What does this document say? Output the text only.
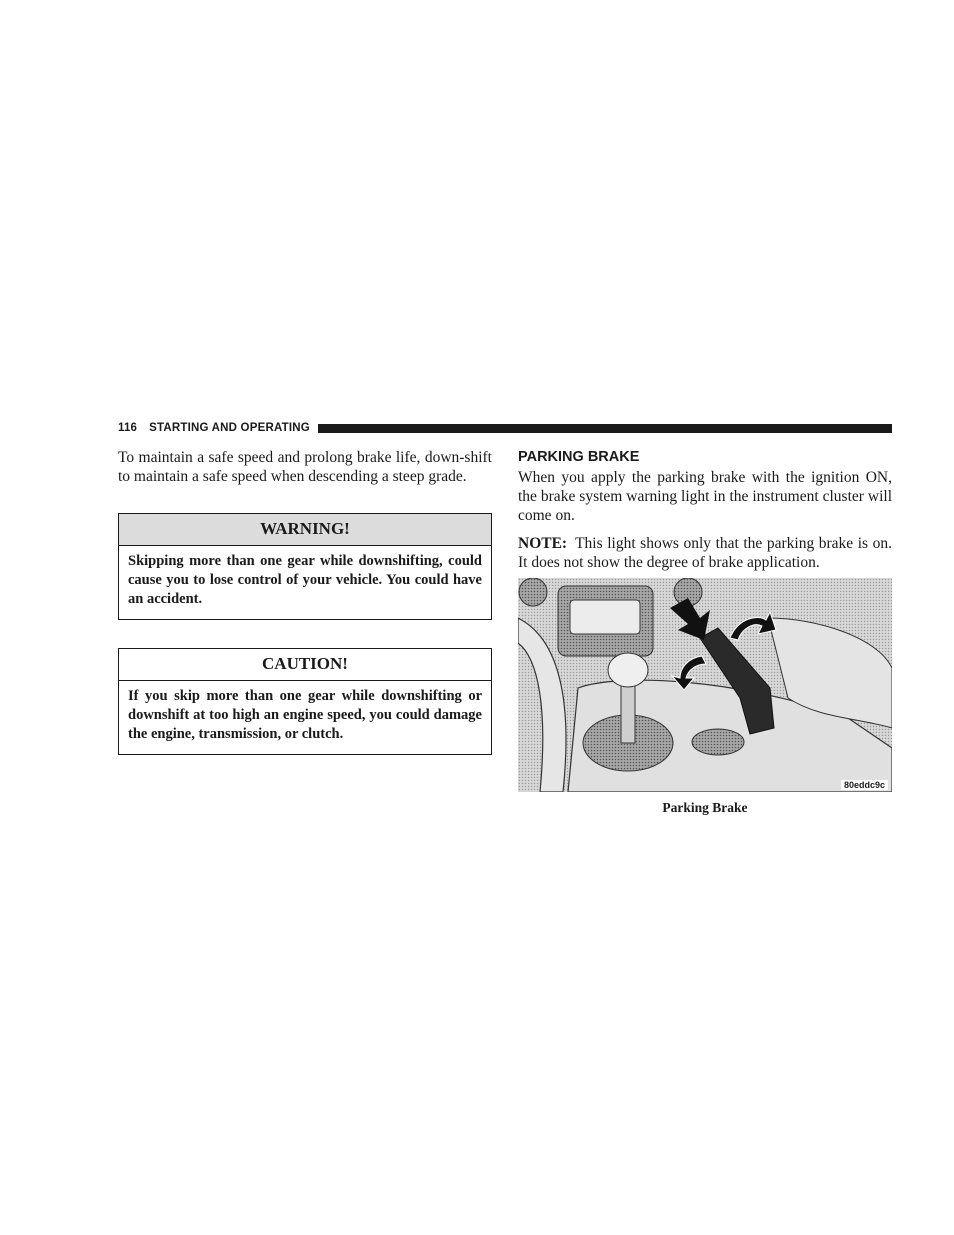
116 STARTING AND OPERATING

To maintain a safe speed and prolong brake life, down-shift to maintain a safe speed when descending a steep grade.

WARNING!
Skipping more than one gear while downshifting, could cause you to lose control of your vehicle. You could have an accident.
CAUTION!
If you skip more than one gear while downshifting or downshift at too high an engine speed, you could damage the engine, transmission, or clutch.
PARKING BRAKE

When you apply the parking brake with the ignition ON, the brake system warning light in the instrument cluster will come on.

NOTE: This light shows only that the parking brake is on. It does not show the degree of brake application.

80eddc9c
Parking Brake
